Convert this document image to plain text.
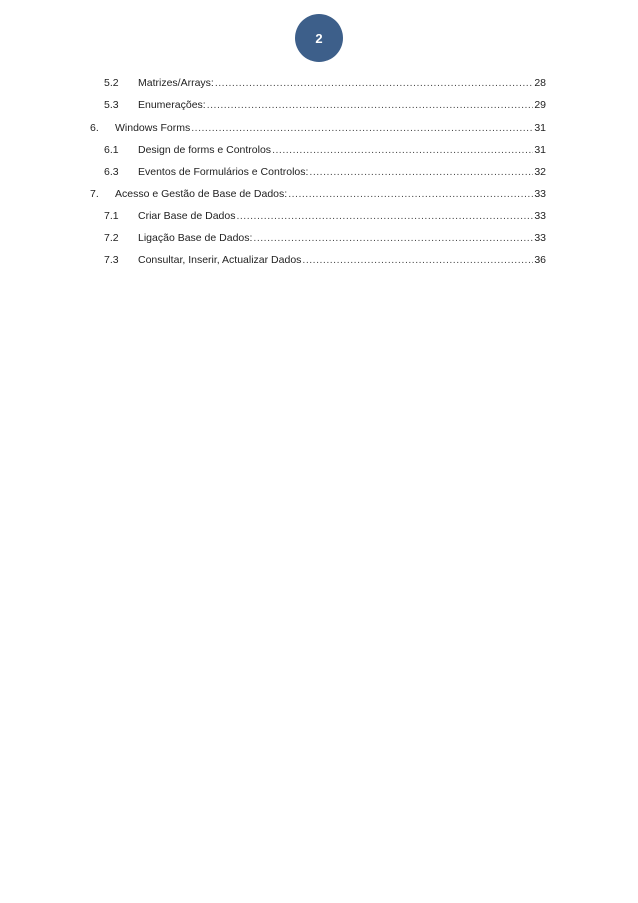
2
5.2	Matrizes/Arrays: .....	28
5.3	Enumerações: .....	29
6.	Windows Forms .....	31
6.1	Design de forms e Controlos .....	31
6.3	Eventos de Formulários e Controlos: .....	32
7.	Acesso e Gestão de Base de Dados: .....	33
7.1	Criar Base de Dados .....	33
7.2	Ligação Base de Dados: .....	33
7.3	Consultar, Inserir, Actualizar Dados .....	36
